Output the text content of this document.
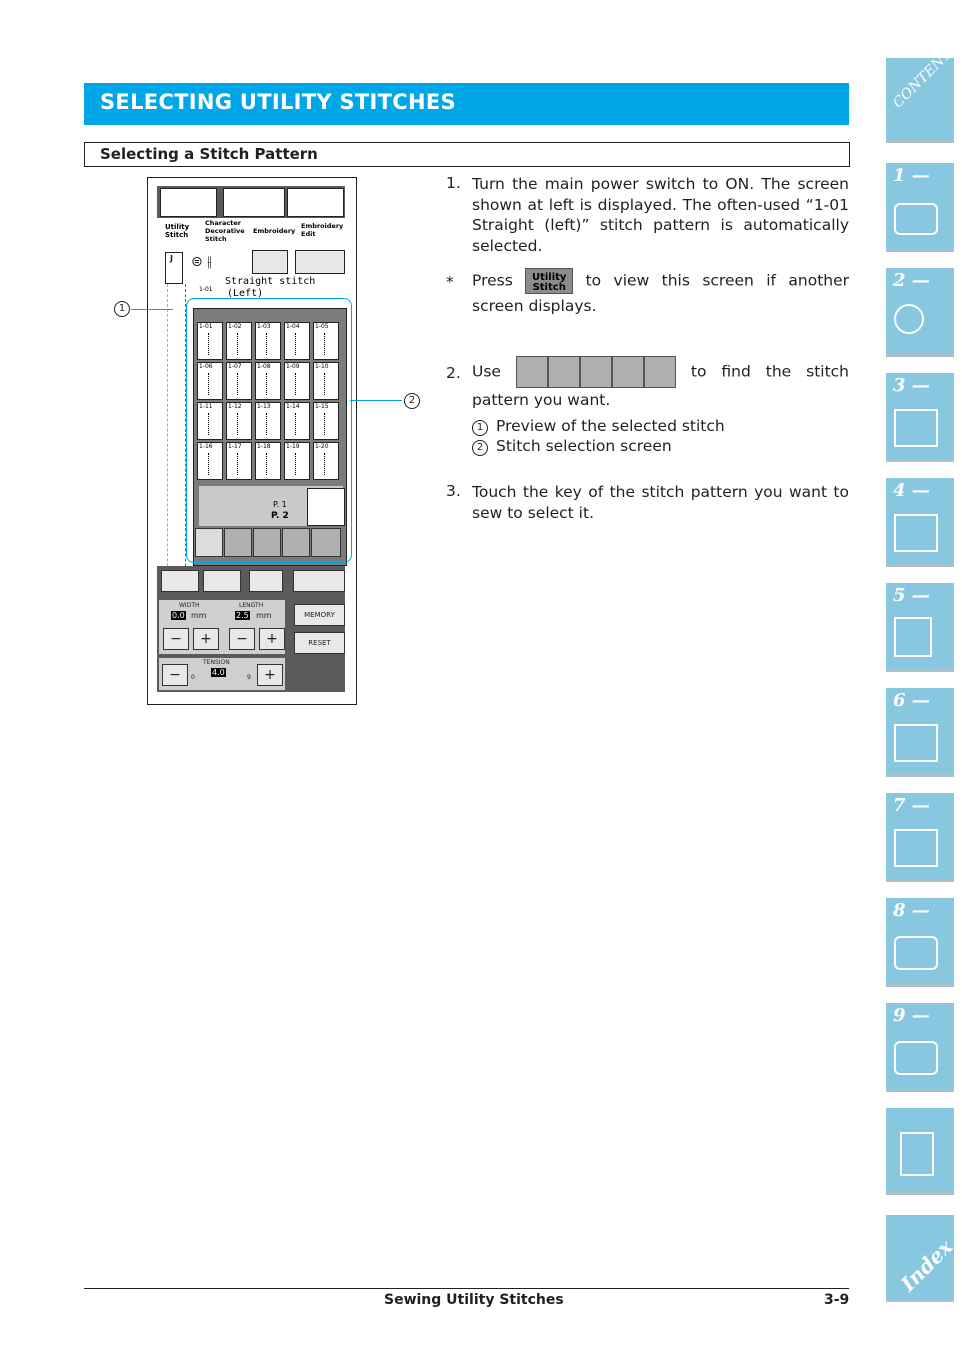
SELECTING UTILITY STITCHES
Selecting a Stitch Pattern
Utility Stitch
Character Decorative Stitch
Embroidery
Embroidery Edit
J ⊜ ⫲
1-01
Straight stitch
(Left)
1-01	1-02	1-03	1-04	1-05
1-06	1-07	1-08	1-09	1-10
1-11	1-12	1-13	1-14	1-15
1-16	1-17	1-18	1-19	1-20
P. 1
P. 2
WIDTH
0.0 mm
−	+
LENGTH
2.5 mm
−	+
MEMORY
RESET
TENSION
4.0
0	9
−	+
1
2
1. Turn the main power switch to ON. The screen shown at left is displayed. The often-used “1-01 Straight (left)” stitch pattern is automatically selected.
* Press Utility Stitch to view this screen if another screen displays.
2. Use	to find the stitch pattern you want.
1 Preview of the selected stitch
2 Stitch selection screen
3. Touch the key of the stitch pattern you want to sew to select it.
CONTENTS
1 —
2 —
3 —
4 —
5 —
6 —
7 —
8 —
9 —
Index
Sewing Utility Stitches	3-9
